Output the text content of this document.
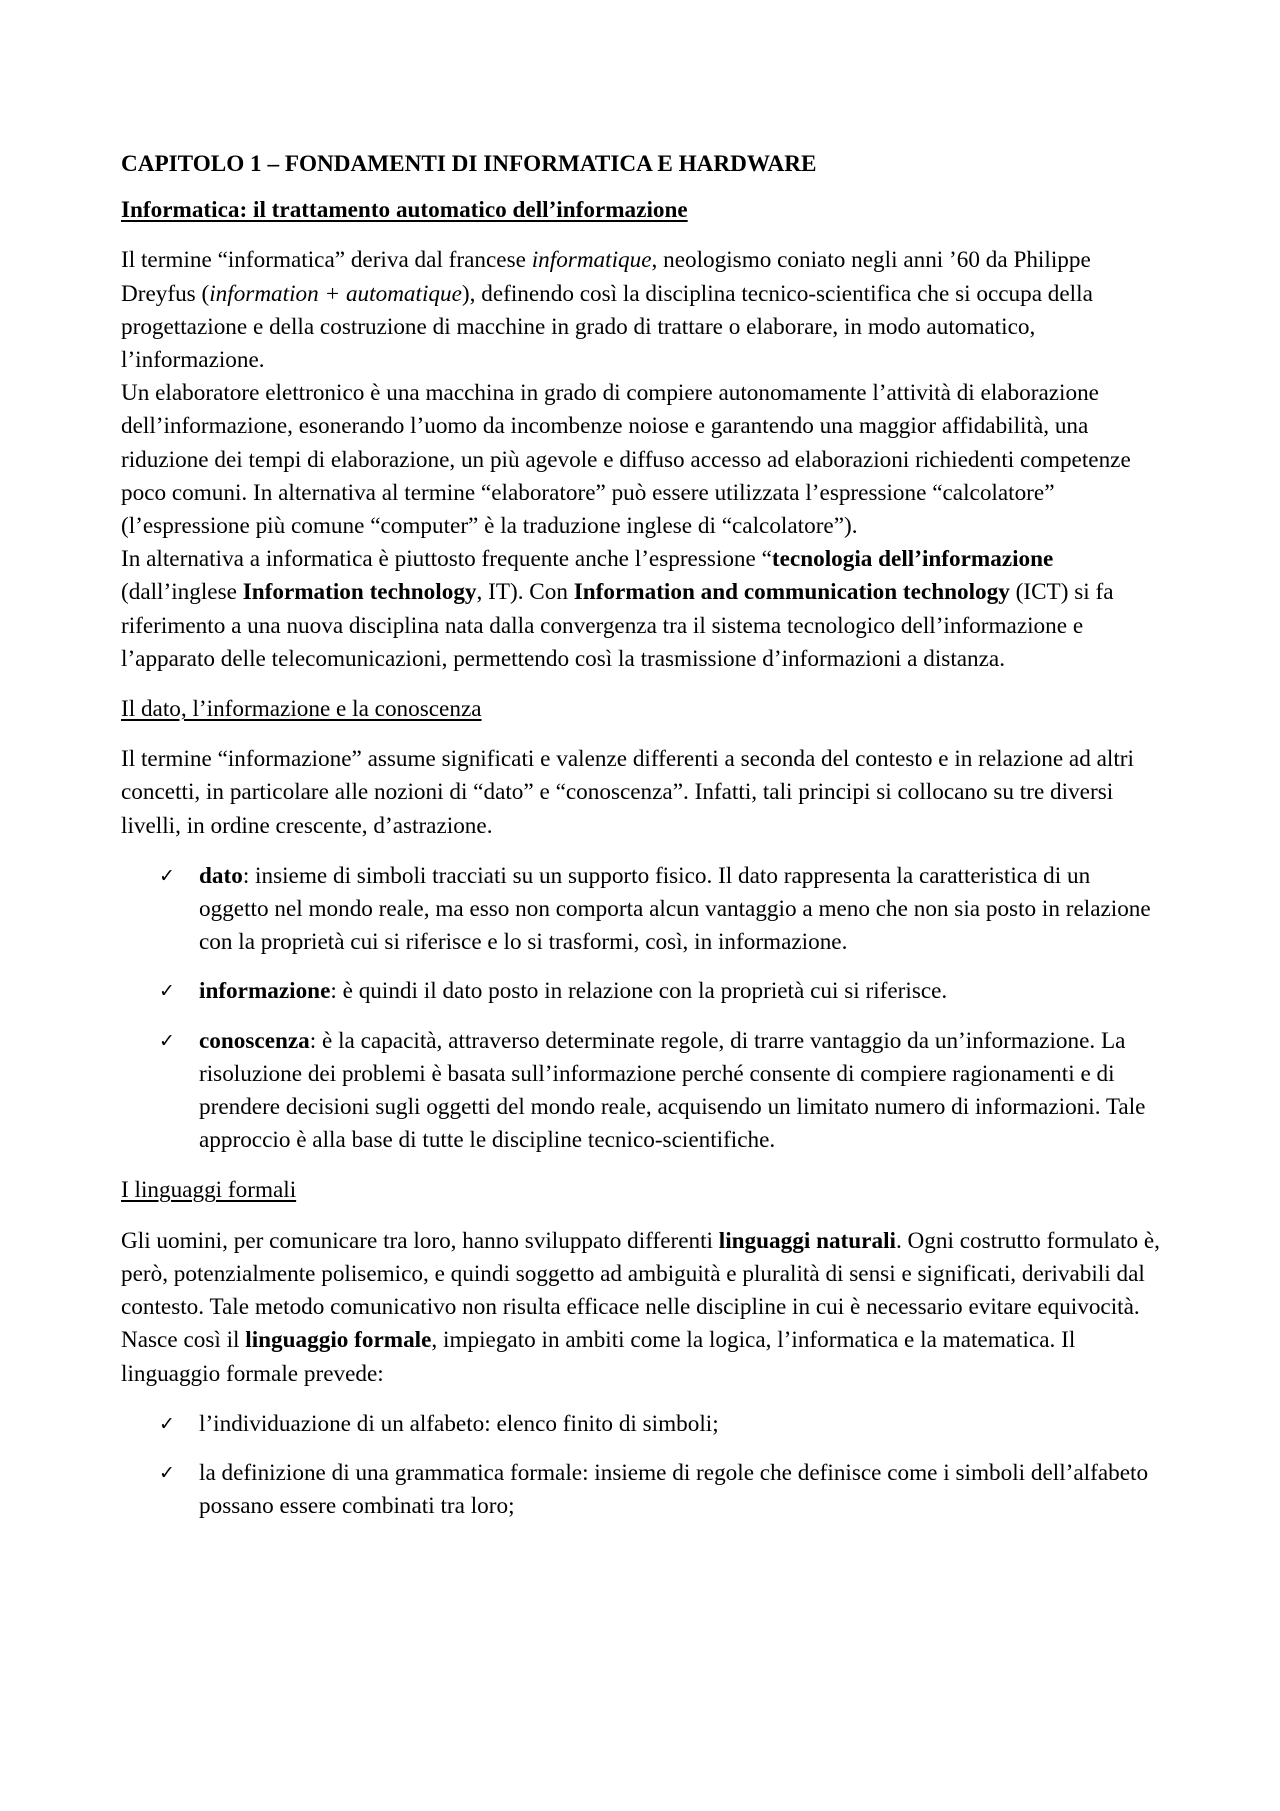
CAPITOLO 1 – FONDAMENTI DI INFORMATICA E HARDWARE
Informatica: il trattamento automatico dell’informazione

Il termine “informatica” deriva dal francese informatique, neologismo coniato negli anni ’60 da Philippe Dreyfus (information + automatique), definendo così la disciplina tecnico-scientifica che si occupa della progettazione e della costruzione di macchine in grado di trattare o elaborare, in modo automatico, l’informazione.

Un elaboratore elettronico è una macchina in grado di compiere autonomamente l’attività di elaborazione dell’informazione, esonerando l’uomo da incombenze noiose e garantendo una maggior affidabilità, una riduzione dei tempi di elaborazione, un più agevole e diffuso accesso ad elaborazioni richiedenti competenze poco comuni. In alternativa al termine “elaboratore” può essere utilizzata l’espressione “calcolatore” (l’espressione più comune “computer” è la traduzione inglese di “calcolatore”).

In alternativa a informatica è piuttosto frequente anche l’espressione “tecnologia dell’informazione (dall’inglese Information technology, IT). Con Information and communication technology (ICT) si fa riferimento a una nuova disciplina nata dalla convergenza tra il sistema tecnologico dell’informazione e l’apparato delle telecomunicazioni, permettendo così la trasmissione d’informazioni a distanza.

Il dato, l’informazione e la conoscenza

Il termine “informazione” assume significati e valenze differenti a seconda del contesto e in relazione ad altri concetti, in particolare alle nozioni di “dato” e “conoscenza”. Infatti, tali principi si collocano su tre diversi livelli, in ordine crescente, d’astrazione.

✓ dato: insieme di simboli tracciati su un supporto fisico. Il dato rappresenta la caratteristica di un oggetto nel mondo reale, ma esso non comporta alcun vantaggio a meno che non sia posto in relazione con la proprietà cui si riferisce e lo si trasformi, così, in informazione.
✓ informazione: è quindi il dato posto in relazione con la proprietà cui si riferisce.
✓ conoscenza: è la capacità, attraverso determinate regole, di trarre vantaggio da un’informazione. La risoluzione dei problemi è basata sull’informazione perché consente di compiere ragionamenti e di prendere decisioni sugli oggetti del mondo reale, acquisendo un limitato numero di informazioni. Tale approccio è alla base di tutte le discipline tecnico-scientifiche.
I linguaggi formali

Gli uomini, per comunicare tra loro, hanno sviluppato differenti linguaggi naturali. Ogni costrutto formulato è, però, potenzialmente polisemico, e quindi soggetto ad ambiguità e pluralità di sensi e significati, derivabili dal contesto. Tale metodo comunicativo non risulta efficace nelle discipline in cui è necessario evitare equivocità. Nasce così il linguaggio formale, impiegato in ambiti come la logica, l’informatica e la matematica. Il linguaggio formale prevede:

✓ l’individuazione di un alfabeto: elenco finito di simboli;
✓ la definizione di una grammatica formale: insieme di regole che definisce come i simboli dell’alfabeto possano essere combinati tra loro;
